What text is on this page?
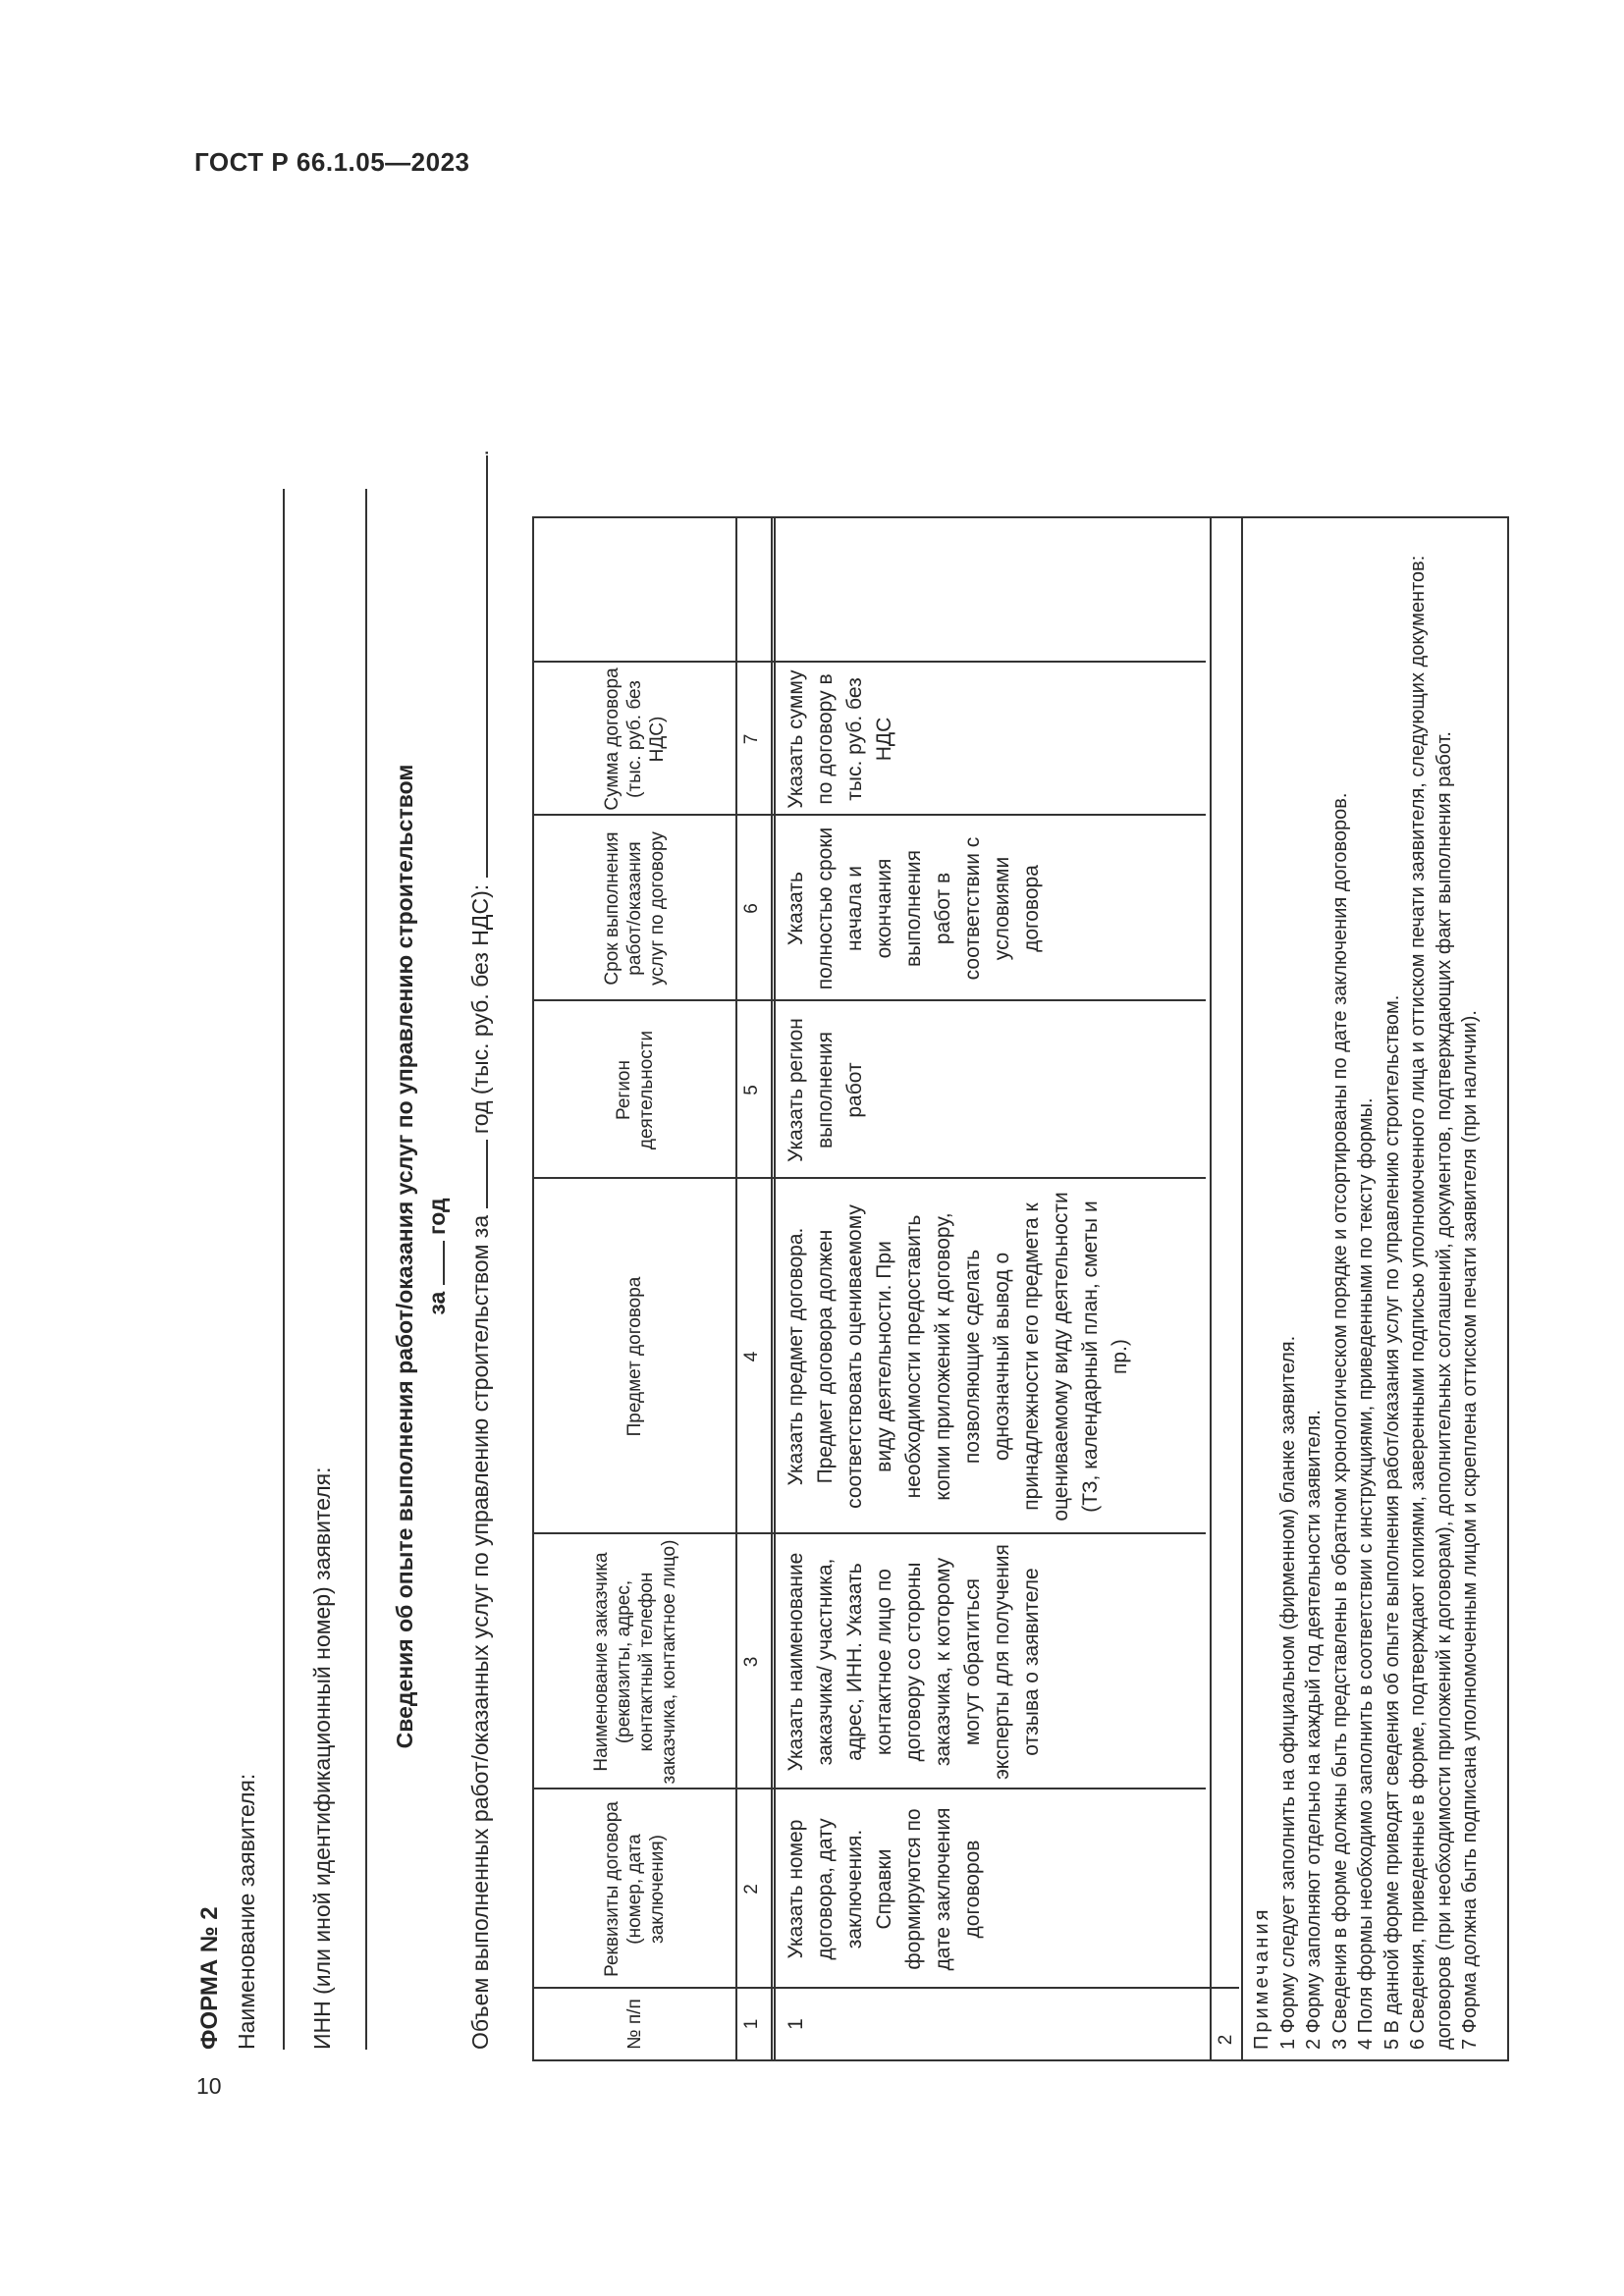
ГОСТ Р 66.1.05—2023
10
ФОРМА № 2 Наименование заявителя: ИНН (или иной идентификационный номер) заявителя:
Сведения об опыте выполнения работ/оказания услуг по управлению строительством за  год Объем выполненных работ/оказанных услуг по управлению строительством за  год (тыс. руб. без НДС): .
№ п/п
Реквизиты договора (номер, дата заключения)
Наименование заказчика (реквизиты, адрес, контактный телефон заказчика, контактное лицо)
Предмет договора
Регион деятельности
Срок выполнения работ/оказания услуг по договору
Сумма договора (тыс. руб. без НДС)
1
2
3
4
5
6
7
1
Указать номер договора, дату заключения. Справки формируются по дате заключения договоров
Указать наименование заказчика/ участника, адрес, ИНН. Указать контактное лицо по договору со стороны заказчика, к которому могут обратиться эксперты для получения отзыва о заявителе
Указать предмет договора. Предмет договора должен соответствовать оцениваемому виду деятельности. При необходимости предоставить копии приложений к договору, позволяющие сделать однозначный вывод о принадлежности его предмета к оцениваемому виду деятельности (ТЗ, календарный план, сметы и пр.)
Указать регион выполнения работ
Указать полностью сроки начала и окончания выполнения работ в соответствии с условиями договора
Указать сумму по договору в тыс. руб. без НДС
2 Примечания 1 Форму следует заполнить на официальном (фирменном) бланке заявителя. 2 Форму заполняют отдельно на каждый год деятельности заявителя. 3 Сведения в форме должны быть представлены в обратном хронологическом порядке и отсортированы по дате заключения договоров. 4 Поля формы необходимо заполнить в соответствии с инструкциями, приведенными по тексту формы. 5 В данной форме приводят сведения об опыте выполнения работ/оказания услуг по управлению строительством. 6 Сведения, приведенные в форме, подтверждают копиями, заверенными подписью уполномоченного лица и оттиском печати заявителя, следующих документов: договоров (при необходимости приложений к договорам), дополнительных соглашений, документов, подтверждающих факт выполнения работ. 7 Форма должна быть подписана уполномоченным лицом и скреплена оттиском печати заявителя (при наличии).
